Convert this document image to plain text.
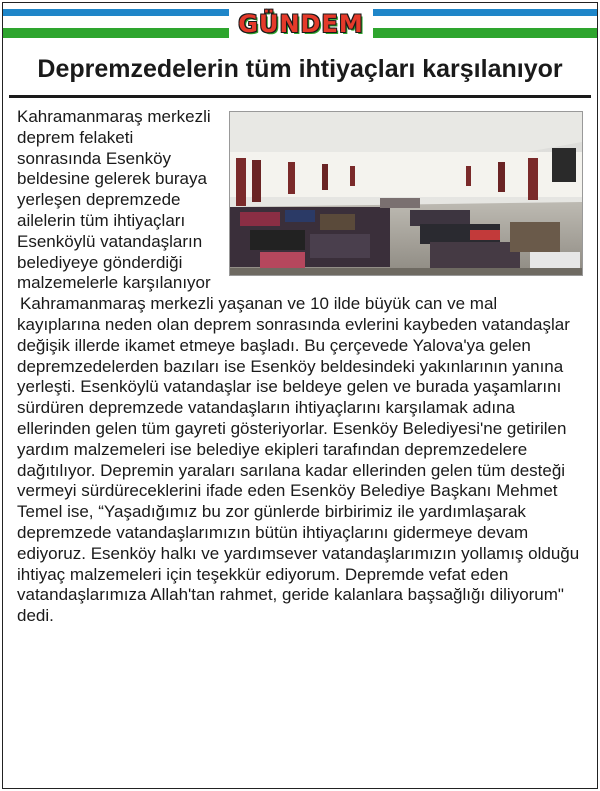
GÜNDEM
Depremzedelerin tüm ihtiyaçları karşılanıyor

Kahramanmaraş merkezli deprem felaketi sonrasında Esenköy beldesine gelerek buraya yerleşen depremzede ailelerin tüm ihtiyaçları Esenköylü vatandaşların belediyeye gönderdiği malzemelerle karşılanıyor

Kahramanmaraş merkezli yaşanan ve 10 ilde büyük can ve mal kayıplarına neden olan deprem sonrasında evlerini kaybeden vatandaşlar değişik illerde ikamet etmeye başladı. Bu çerçevede Yalova'ya gelen depremzedelerden bazıları ise Esenköy beldesindeki yakınlarının yanına yerleşti. Esenköylü vatandaşlar ise beldeye gelen ve burada yaşamlarını sürdüren depremzede vatandaşların ihtiyaçlarını karşılamak adına ellerinden gelen tüm gayreti gösteriyorlar. Esenköy Belediyesi'ne getirilen yardım malzemeleri ise belediye ekipleri tarafından depremzedelere dağıtılıyor. Depremin yaraları sarılana kadar ellerinden gelen tüm desteği vermeyi sürdüreceklerini ifade eden Esenköy Belediye Başkanı Mehmet Temel ise, “Yaşadığımız bu zor günlerde birbirimiz ile yardımlaşarak depremzede vatandaşlarımızın bütün ihtiyaçlarını gidermeye devam ediyoruz. Esenköy halkı ve yardımsever vatandaşlarımızın yollamış olduğu ihtiyaç malzemeleri için teşekkür ediyorum. Depremde vefat eden vatandaşlarımıza Allah'tan rahmet, geride kalanlara başsağlığı diliyorum" dedi.
